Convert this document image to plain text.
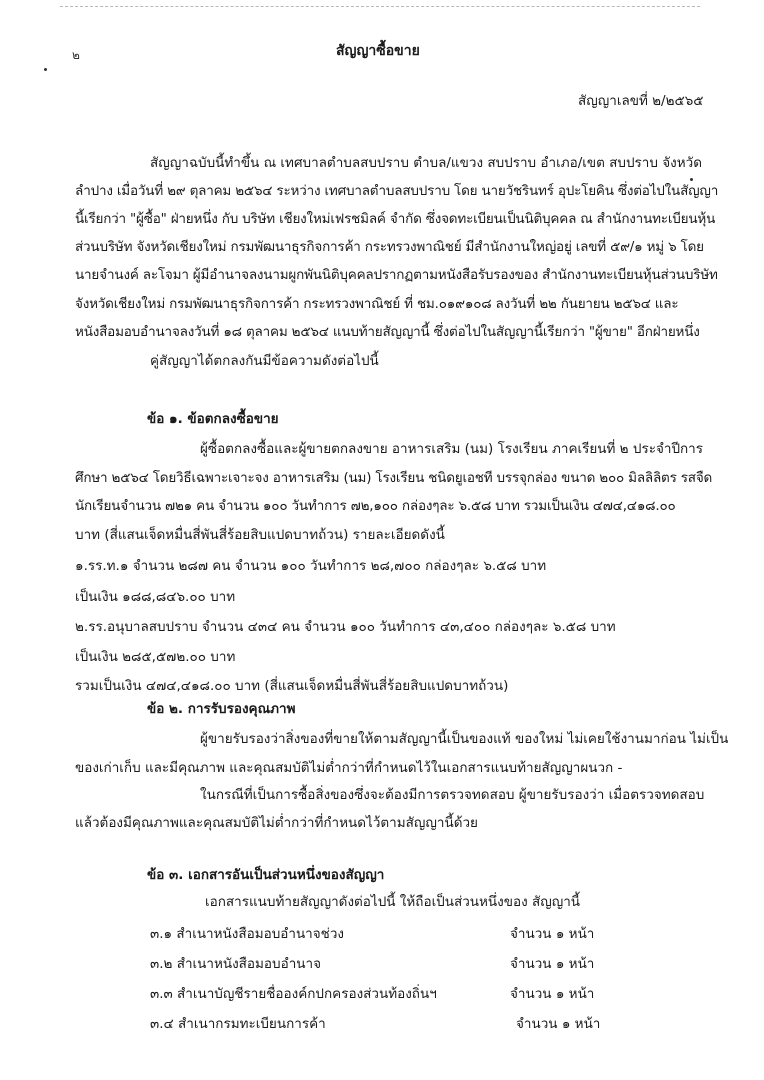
๒	สัญญาซื้อขาย
สัญญาเลขที่ ๒/๒๕๖๕
สัญญาฉบับนี้ทำขึ้น ณ เทศบาลตำบลสบปราบ ตำบล/แขวง สบปราบ อำเภอ/เขต สบปราบ จังหวัด
ลำปาง เมื่อวันที่ ๒๙ ตุลาคม ๒๕๖๔ ระหว่าง เทศบาลตำบลสบปราบ โดย นายวัชรินทร์ อุปะโยคิน ซึ่งต่อไปในสัญญา
นี้เรียกว่า "ผู้ซื้อ" ฝ่ายหนึ่ง กับ บริษัท เชียงใหม่เฟรชมิลค์ จำกัด ซึ่งจดทะเบียนเป็นนิติบุคคล ณ สำนักงานทะเบียนหุ้น
ส่วนบริษัท จังหวัดเชียงใหม่ กรมพัฒนาธุรกิจการค้า กระทรวงพาณิชย์ มีสำนักงานใหญ่อยู่ เลขที่ ๕๙/๑ หมู่ ๖ โดย
นายจำนงค์ ละโจมา ผู้มีอำนาจลงนามผูกพันนิติบุคคลปรากฏตามหนังสือรับรองของ สำนักงานทะเบียนหุ้นส่วนบริษัท
จังหวัดเชียงใหม่ กรมพัฒนาธุรกิจการค้า กระทรวงพาณิชย์ ที่ ชม.๐๑๙๑๐๘ ลงวันที่ ๒๒ กันยายน ๒๕๖๔ และ
หนังสือมอบอำนาจลงวันที่ ๑๘ ตุลาคม ๒๕๖๔ แนบท้ายสัญญานี้ ซึ่งต่อไปในสัญญานี้เรียกว่า "ผู้ขาย" อีกฝ่ายหนึ่ง
คู่สัญญาได้ตกลงกันมีข้อความดังต่อไปนี้
ข้อ ๑. ข้อตกลงซื้อขาย
ผู้ซื้อตกลงซื้อและผู้ขายตกลงขาย อาหารเสริม (นม) โรงเรียน ภาคเรียนที่ ๒ ประจำปีการ
ศึกษา ๒๕๖๔ โดยวิธีเฉพาะเจาะจง อาหารเสริม (นม) โรงเรียน ชนิดยูเอชที บรรจุกล่อง ขนาด ๒๐๐ มิลลิลิตร รสจืด
นักเรียนจำนวน ๗๒๑ คน จำนวน ๑๐๐ วันทำการ ๗๒,๑๐๐ กล่องๆละ ๖.๕๘ บาท รวมเป็นเงิน ๔๗๔,๔๑๘.๐๐
บาท (สี่แสนเจ็ดหมื่นสี่พันสี่ร้อยสิบแปดบาทถ้วน) รายละเอียดดังนี้
๑.รร.ท.๑ จำนวน ๒๘๗ คน จำนวน ๑๐๐ วันทำการ ๒๘,๗๐๐ กล่องๆละ ๖.๕๘ บาท
เป็นเงิน ๑๘๘,๘๔๖.๐๐ บาท
๒.รร.อนุบาลสบปราบ จำนวน ๔๓๔ คน จำนวน ๑๐๐ วันทำการ ๔๓,๔๐๐ กล่องๆละ ๖.๕๘ บาท
เป็นเงิน ๒๘๕,๕๗๒.๐๐ บาท
รวมเป็นเงิน ๔๗๔,๔๑๘.๐๐ บาท (สี่แสนเจ็ดหมื่นสี่พันสี่ร้อยสิบแปดบาทถ้วน)
ข้อ ๒. การรับรองคุณภาพ
ผู้ขายรับรองว่าสิ่งของที่ขายให้ตามสัญญานี้เป็นของแท้ ของใหม่ ไม่เคยใช้งานมาก่อน ไม่เป็น
ของเก่าเก็บ และมีคุณภาพ และคุณสมบัติไม่ต่ำกว่าที่กำหนดไว้ในเอกสารแนบท้ายสัญญาผนวก -
ในกรณีที่เป็นการซื้อสิ่งของซึ่งจะต้องมีการตรวจทดสอบ ผู้ขายรับรองว่า เมื่อตรวจทดสอบ
แล้วต้องมีคุณภาพและคุณสมบัติไม่ต่ำกว่าที่กำหนดไว้ตามสัญญานี้ด้วย
ข้อ ๓. เอกสารอันเป็นส่วนหนึ่งของสัญญา
เอกสารแนบท้ายสัญญาดังต่อไปนี้ ให้ถือเป็นส่วนหนึ่งของ สัญญานี้
๓.๑ สำเนาหนังสือมอบอำนาจช่วง	จำนวน ๑ หน้า
๓.๒ สำเนาหนังสือมอบอำนาจ	จำนวน ๑ หน้า
๓.๓ สำเนาบัญชีรายชื่อองค์กปกครองส่วนท้องถิ่นฯ	จำนวน ๑ หน้า
๓.๔ สำเนากรมทะเบียนการค้า	จำนวน ๑ หน้า
